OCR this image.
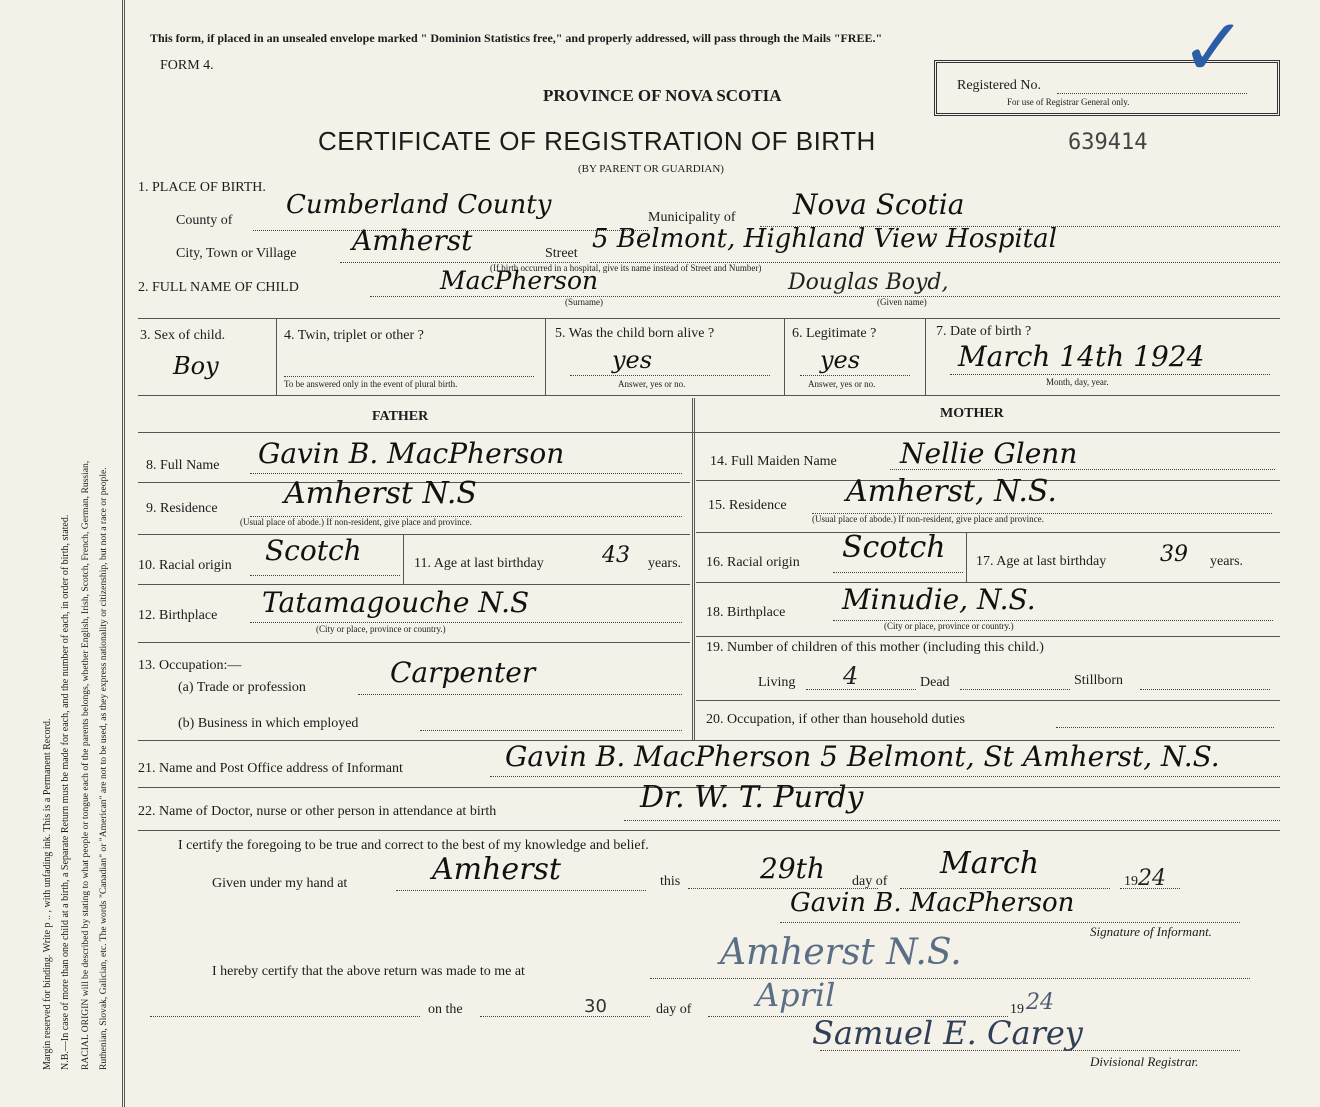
Margin reserved for binding. Write p .. , with unfading ink. This is a Permanent Record. N.B.—In case of more than one child at a birth, a Separate Return must be made for each, and the number of each, in order of birth, stated. RACIAL ORIGIN will be described by stating to what people or tongue each of the parents belongs, whether English, Irish, Scotch, French, German, Russian, Ruthenian, Slovak, Galician, etc. The words "Canadian" or "American" are not to be used, as they express nationality or citizenship, but not a race or people.
This form, if placed in an unsealed envelope marked " Dominion Statistics free," and properly addressed, will pass through the Mails "FREE."
FORM 4.
PROVINCE OF NOVA SCOTIA
Registered No.
For use of Registrar General only.
✓
CERTIFICATE OF REGISTRATION OF BIRTH	639414
(BY PARENT OR GUARDIAN)
1. PLACE OF BIRTH.
County of
Cumberland County	Municipality of Nova Scotia
City, Town or Village Amherst	Street 5 Belmont, Highland View Hospital
(If birth occurred in a hospital, give its name instead of Street and Number)
2. FULL NAME OF CHILD	MacPherson	Douglas Boyd,
(Surname)	(Given name)
3. Sex of child.
Boy
4. Twin, triplet or other ?
To be answered only in the event of plural birth.
5. Was the child born alive ?
yes
Answer, yes or no.
6. Legitimate ?
yes
Answer, yes or no.
7. Date of birth ?
March 14th 1924
Month, day, year.
FATHER	MOTHER
8. Full Name Gavin B. MacPherson
9. Residence Amherst N.S
(Usual place of abode.) If non-resident, give place and province.
10. Racial origin Scotch	11. Age at last birthday	43 years.
12. Birthplace Tatamagouche N.S
(City or place, province or country.)
13. Occupation:—
(a) Trade or profession	Carpenter
(b) Business in which employed
14. Full Maiden Name Nellie Glenn
15. Residence Amherst, N.S.
(Usual place of abode.) If non-resident, give place and province.
16. Racial origin Scotch 17. Age at last birthday 39 years.
18. Birthplace Minudie, N.S.
(City or place, province or country.)
19. Number of children of this mother (including this child.)
Living 4	Dead	Stillborn
20. Occupation, if other than household duties
21. Name and Post Office address of Informant	Gavin B. MacPherson 5 Belmont, St Amherst, N.S.
22. Name of Doctor, nurse or other person in attendance at birth	Dr. W. T. Purdy
I certify the foregoing to be true and correct to the best of my knowledge and belief.
Given under my hand at	Amherst	this	29th day of
March
19 24
Gavin B. MacPherson
Signature of Informant.
I hereby certify that the above return was made to me at	Amherst N.S.
on the	30	day of April	19 24
Samuel E. Carey
Divisional Registrar.
